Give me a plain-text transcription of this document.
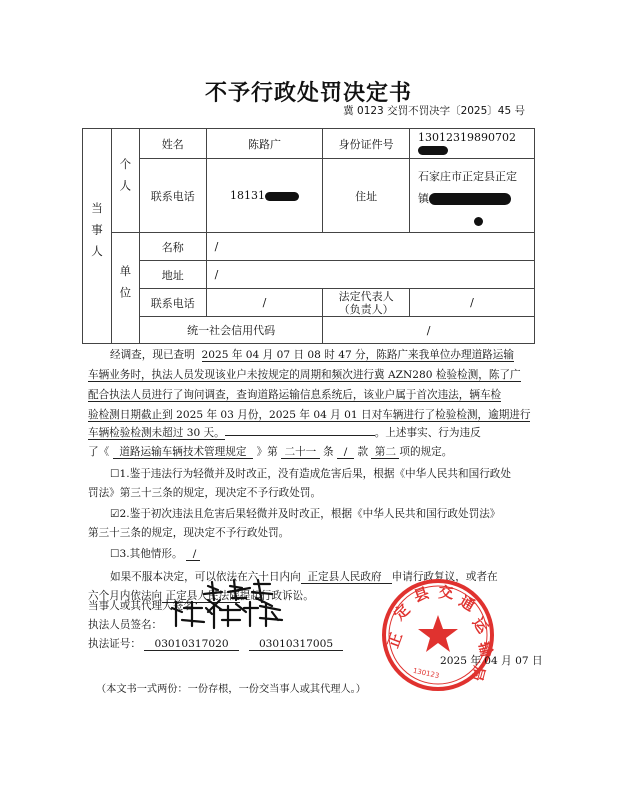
不予行政处罚决定书
冀 0123 交罚不罚决字〔2025〕45 号
当事人	个人	姓名	陈路广	身份证件号	13012319890702
		联系电话	18131	住址	石家庄市正定县正定
镇

	单位	名称	/		
		地址	/		
		联系电话	/	法定代表人
（负责人）	/
		统一社会信用代码		/	
经调查，现已查明 2025 年 04 月 07 日 08 时 47 分，陈路广来我单位办理道路运输
车辆业务时，执法人员发现该业户未按规定的周期和频次进行冀 AZN280 检验检测，陈了广
配合执法人员进行了询问调查，查询道路运输信息系统后，该业户属于首次违法，辆车检
验检测日期截止到 2025 年 03 月份，2025 年 04 月 01 日对车辆进行了检验检测，逾期进行
车辆检验检测未超过 30 天。	。上述事实、行为违反
了《 道路运输车辆技术管理规定 》第 二十一 条 / 款 第二 项的规定。
☐1.鉴于违法行为轻微并及时改正，没有造成危害后果，根据《中华人民共和国行政处
罚法》第三十三条的规定，现决定不予行政处罚。
☑2.鉴于初次违法且危害后果轻微并及时改正，根据《中华人民共和国行政处罚法》
第三十三条的规定，现决定不予行政处罚。
☐3.其他情形。 /
如果不服本决定，可以依法在六十日内向 正定县人民政府 申请行政复议，或者在
六个月内依法向 正定县人民法院提起行政诉讼。
当事人或其代理人签名：
执法人员签名：
执法证号： 03010317020	03010317005	正
定
县 交 通
运
输
局
130123
2025 年 04 月 07 日
（本文书一式两份：一份存根，一份交当事人或其代理人。）
